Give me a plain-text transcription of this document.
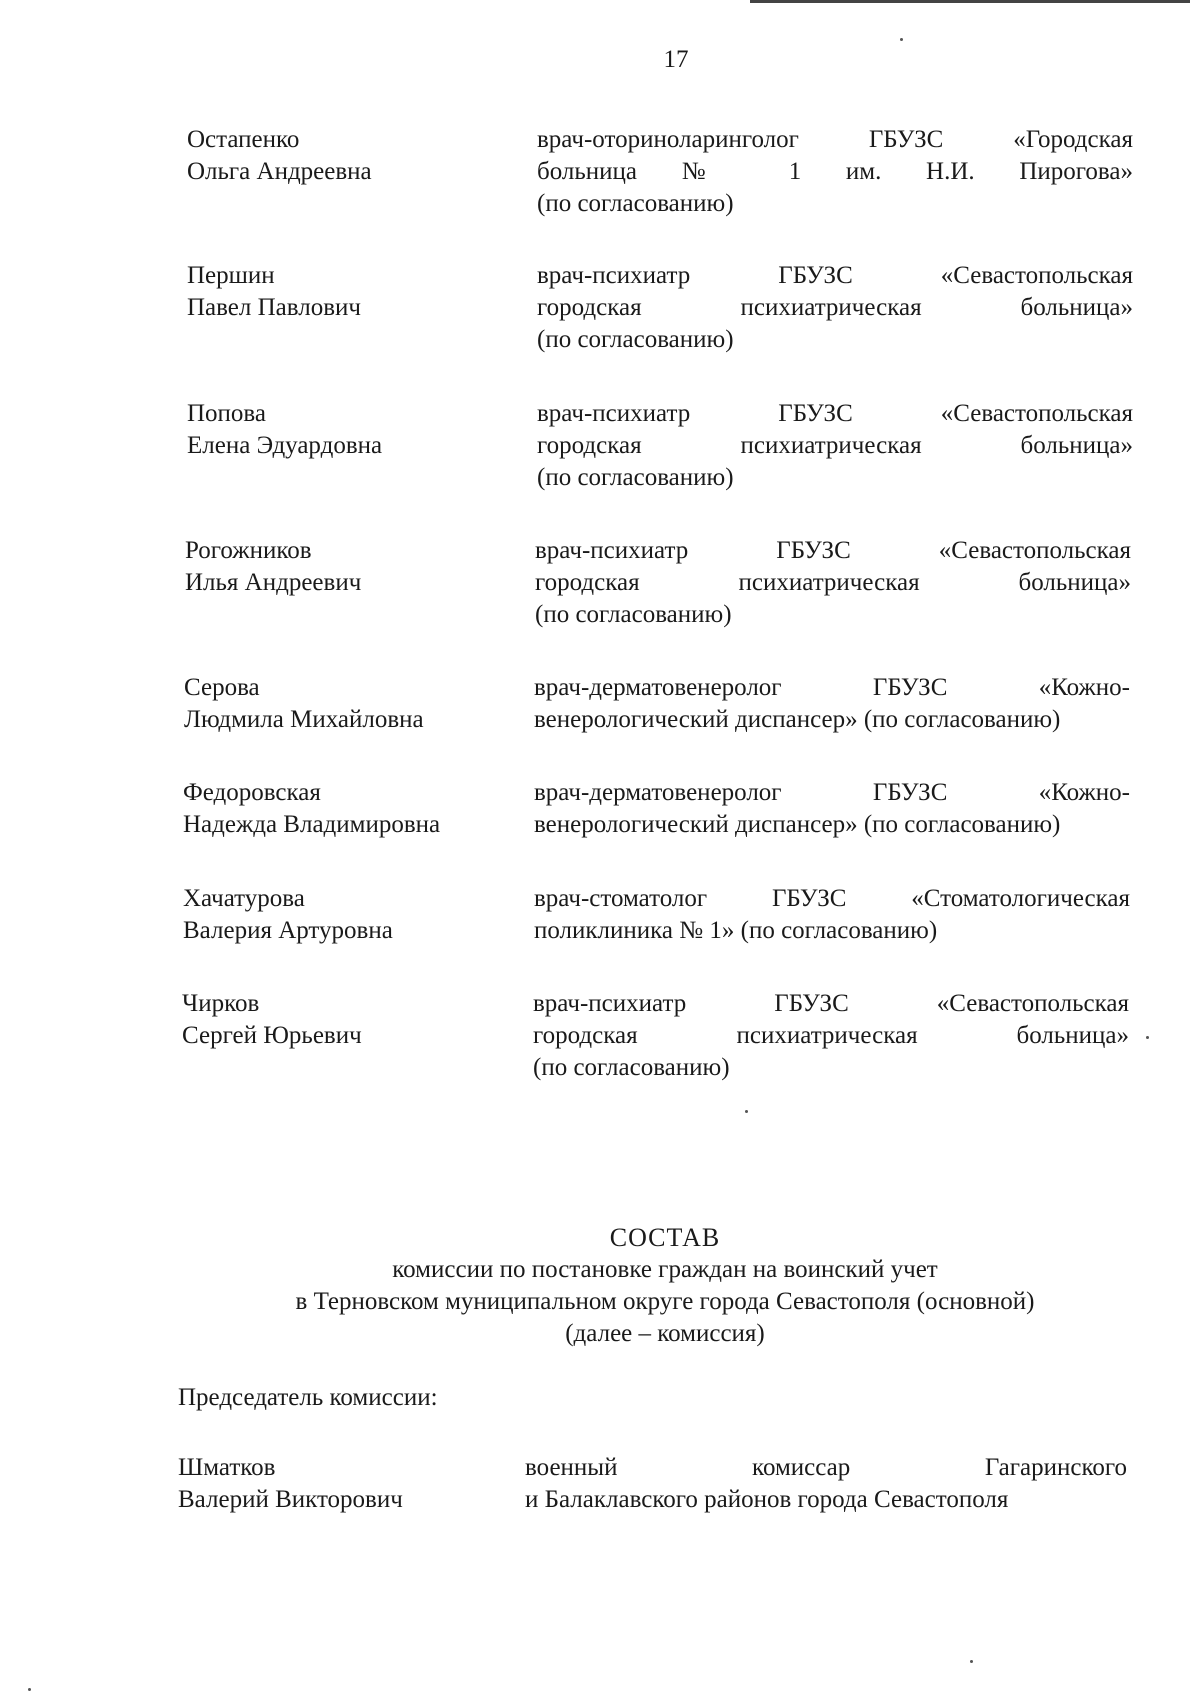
17
Остапенко
Ольга Андреевна
врач-оториноларинголог ГБУЗС «Городская
больница № 1 им. Н.И. Пирогова»
(по согласованию)
Першин
Павел Павлович
врач-психиатр ГБУЗС «Севастопольская
городская психиатрическая больница»
(по согласованию)
Попова
Елена Эдуардовна
врач-психиатр ГБУЗС «Севастопольская
городская психиатрическая больница»
(по согласованию)
Рогожников
Илья Андреевич
врач-психиатр ГБУЗС «Севастопольская
городская психиатрическая больница»
(по согласованию)
Серова
Людмила Михайловна
врач-дерматовенеролог ГБУЗС «Кожно-
венерологический диспансер» (по согласованию)
Федоровская
Надежда Владимировна
врач-дерматовенеролог ГБУЗС «Кожно-
венерологический диспансер» (по согласованию)
Хачатурова
Валерия Артуровна
врач-стоматолог ГБУЗС «Стоматологическая
поликлиника № 1» (по согласованию)
Чирков
Сергей Юрьевич
врач-психиатр ГБУЗС «Севастопольская
городская психиатрическая больница»
(по согласованию)
СОСТАВ
комиссии по постановке граждан на воинский учет
в Терновском муниципальном округе города Севастополя (основной)
(далее – комиссия)
Председатель комиссии:
Шматков
Валерий Викторович
военный комиссар Гагаринского
и Балаклавского районов города Севастополя
